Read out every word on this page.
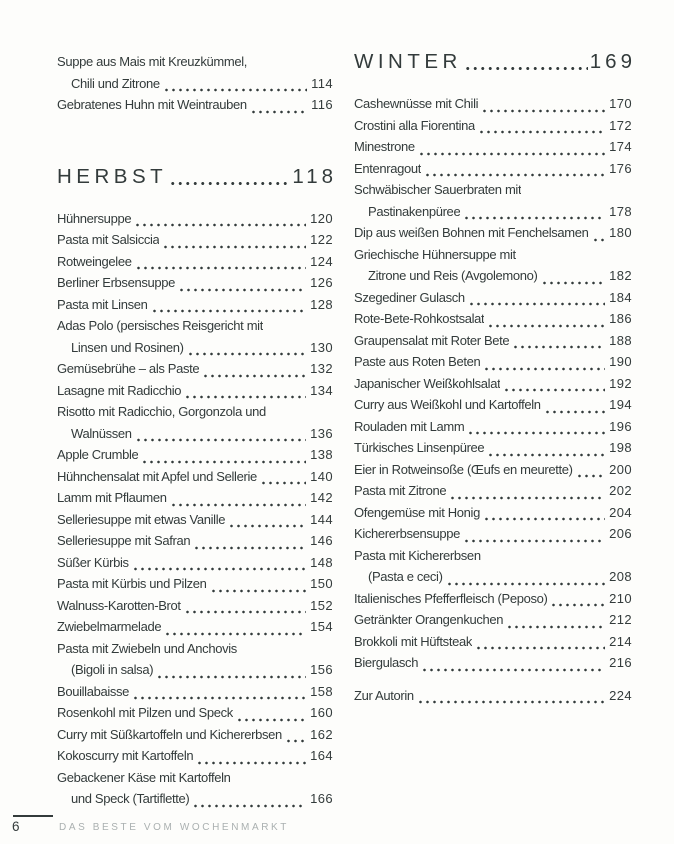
Suppe aus Mais mit Kreuzkümmel,
Chili und Zitrone	114
Gebratenes Huhn mit Weintrauben	116
HERBST	118
Hühnersuppe	120
Pasta mit Salsiccia	122
Rotweingelee	124
Berliner Erbsensuppe	126
Pasta mit Linsen	128
Adas Polo (persisches Reisgericht mit
Linsen und Rosinen)	130
Gemüsebrühe – als Paste	132
Lasagne mit Radicchio	134
Risotto mit Radicchio, Gorgonzola und
Walnüssen	136
Apple Crumble	138
Hühnchensalat mit Apfel und Sellerie	140
Lamm mit Pflaumen	142
Selleriesuppe mit etwas Vanille	144
Selleriesuppe mit Safran	146
Süßer Kürbis	148
Pasta mit Kürbis und Pilzen	150
Walnuss-Karotten-Brot	152
Zwiebelmarmelade	154
Pasta mit Zwiebeln und Anchovis
(Bigoli in salsa)	156
Bouillabaisse	158
Rosenkohl mit Pilzen und Speck	160
Curry mit Süßkartoffeln und Kichererbsen 162
Kokoscurry mit Kartoffeln	164
Gebackener Käse mit Kartoffeln
und Speck (Tartiflette)	166
WINTER	169
Cashewnüsse mit Chili	170
Crostini alla Fiorentina	172
Minestrone	174
Entenragout	176
Schwäbischer Sauerbraten mit
Pastinakenpüree	178
Dip aus weißen Bohnen mit Fenchelsamen 180
Griechische Hühnersuppe mit
Zitrone und Reis (Avgolemono)	182
Szegediner Gulasch	184
Rote-Bete-Rohkostsalat	186
Graupensalat mit Roter Bete	188
Paste aus Roten Beten	190
Japanischer Weißkohlsalat	192
Curry aus Weißkohl und Kartoffeln	194
Rouladen mit Lamm	196
Türkisches Linsenpüree	198
Eier in Rotweinsoße (Œufs en meurette)	200
Pasta mit Zitrone	202
Ofengemüse mit Honig	204
Kichererbsensuppe	206
Pasta mit Kichererbsen
(Pasta e ceci)	208
Italienisches Pfefferfleisch (Peposo)	210
Getränkter Orangenkuchen	212
Brokkoli mit Hüftsteak	214
Biergulasch	216
Zur Autorin	224
6	DAS BESTE VOM WOCHENMARKT
